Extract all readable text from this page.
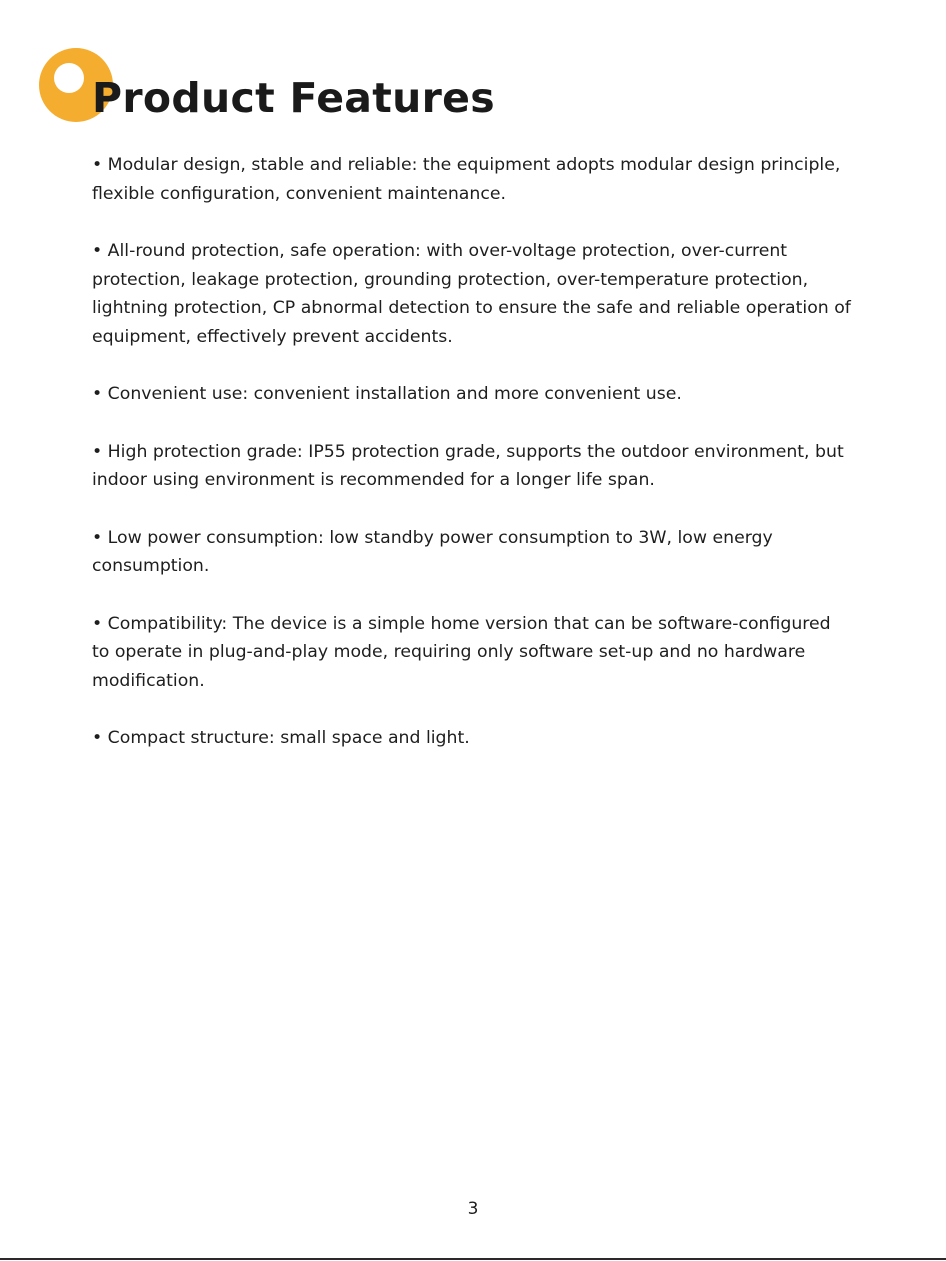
Product Features

• Modular design, stable and reliable: the equipment adopts modular design principle, flexible configuration, convenient maintenance.

• All-round protection, safe operation: with over-voltage protection, over-current protection, leakage protection, grounding protection, over-temperature protection, lightning protection, CP abnormal detection to ensure the safe and reliable operation of equipment, effectively prevent accidents.

• Convenient use: convenient installation and more convenient use.

• High protection grade: IP55 protection grade, supports the outdoor environment, but indoor using environment is recommended for a longer life span.

• Low power consumption: low standby power consumption to 3W, low energy consumption.

• Compatibility: The device is a simple home version that can be software-configured to operate in plug-and-play mode, requiring only software set-up and no hardware modification.

• Compact structure: small space and light.

3
